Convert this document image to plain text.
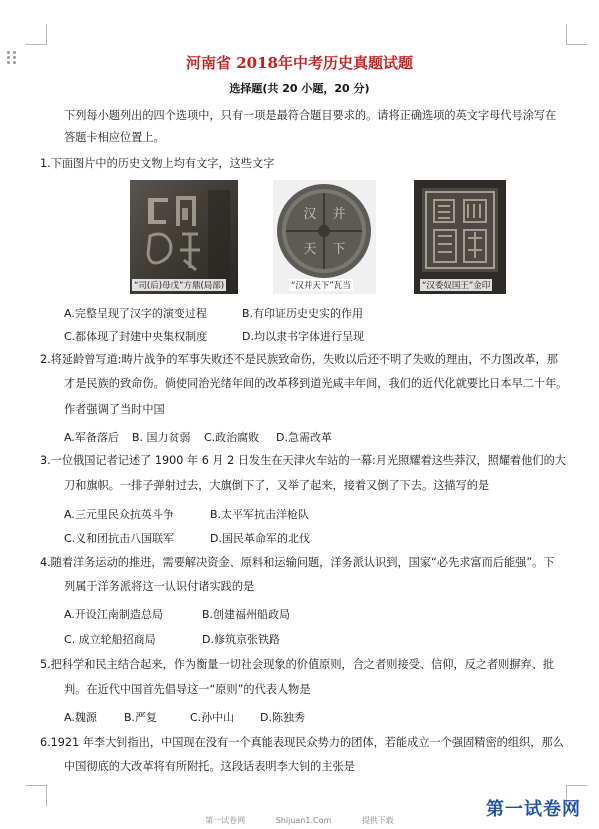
河南省 2018年中考历史真题试题
选择题(共 20 小题，20 分)
下列每小题列出的四个选项中，只有一项是最符合题目要求的。请将正确选项的英文字母代号涂写在
答题卡相应位置上。
1.下面图片中的历史文物上均有文字，这些文字
“司(后)母戊”方鼎(局部)
汉 并
天 下
“汉并天下”瓦当	“汉委奴国王”金印
A.完整呈现了汉字的演变过程	B.有印证历史史实的作用
C.都体现了封建中央集权制度	D.均以隶书字体进行呈现
2.将延龄曾写道:畴片战争的军事失败还不是民族致命伤，失败以后还不明了失败的理由，不力图改革，那
才是民族的致命伤。倘使同治光绪年间的改革移到道光咸丰年间，我们的近代化就要比日本早二十年。
作者强调了当时中国
A.军备落后 B. 国力贫弱 C.政治腐败 D.急需改革
3.一位俄国记者记述了 1900 年 6 月 2 日发生在天津火车站的一幕:月光照耀着这些莽汉，照耀着他们的大
刀和旗帜。一排子弹射过去，大旗倒下了，又举了起来，接着又倒了下去。这描写的是
A.三元里民众抗英斗争	B.太平军抗击洋枪队
C.义和团抗击八国联军	D.国民革命军的北伐
4.随着洋务运动的推进，需要解决资金、原料和运输问题，洋务派认识到，国家“必先求富而后能强”。下
列属于洋务派将这一认识付诸实践的是
A.开设江南制造总局	B.创建福州船政局
C. 成立轮船招商局	D.修筑京张铁路
5.把科学和民主结合起来，作为衡量一切社会现象的价值原则，合之者则接受、信仰，反之者则摒弃、批
判。在近代中国首先倡导这一“原则”的代表人物是
A.魏源 B.严复	C.孙中山 D.陈独秀
6.1921 年李大钊指出，中国现在没有一个真能表现民众势力的团体，若能成立一个强固精密的组织，那么
中国彻底的大改革将有所附托。这段话表明李大钊的主张是
第一试卷网	Shijuan1.Com	提供下载
第一试卷网
